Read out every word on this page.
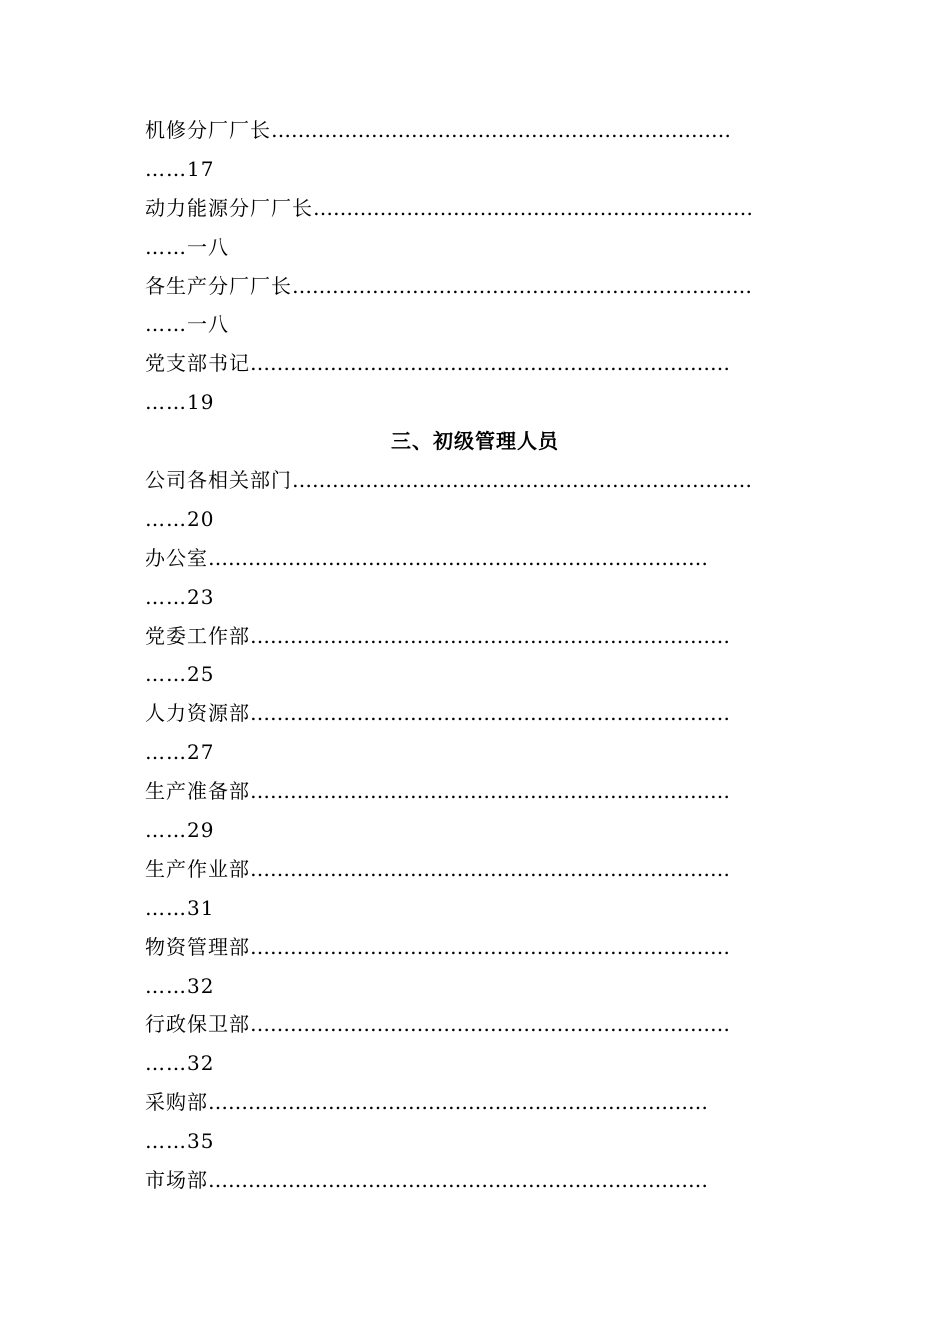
机修分厂厂长……………………………………………………………
……17
动力能源分厂厂长…………………………………………………………
……一八
各生产分厂厂长……………………………………………………………
……一八
党支部书记………………………………………………………………
……19
三、初级管理人员
公司各相关部门……………………………………………………………
……20
办公室…………………………………………………………………
……23
党委工作部………………………………………………………………
……25
人力资源部………………………………………………………………
……27
生产准备部………………………………………………………………
……29
生产作业部………………………………………………………………
……31
物资管理部………………………………………………………………
……32
行政保卫部………………………………………………………………
……32
采购部…………………………………………………………………
……35
市场部…………………………………………………………………
